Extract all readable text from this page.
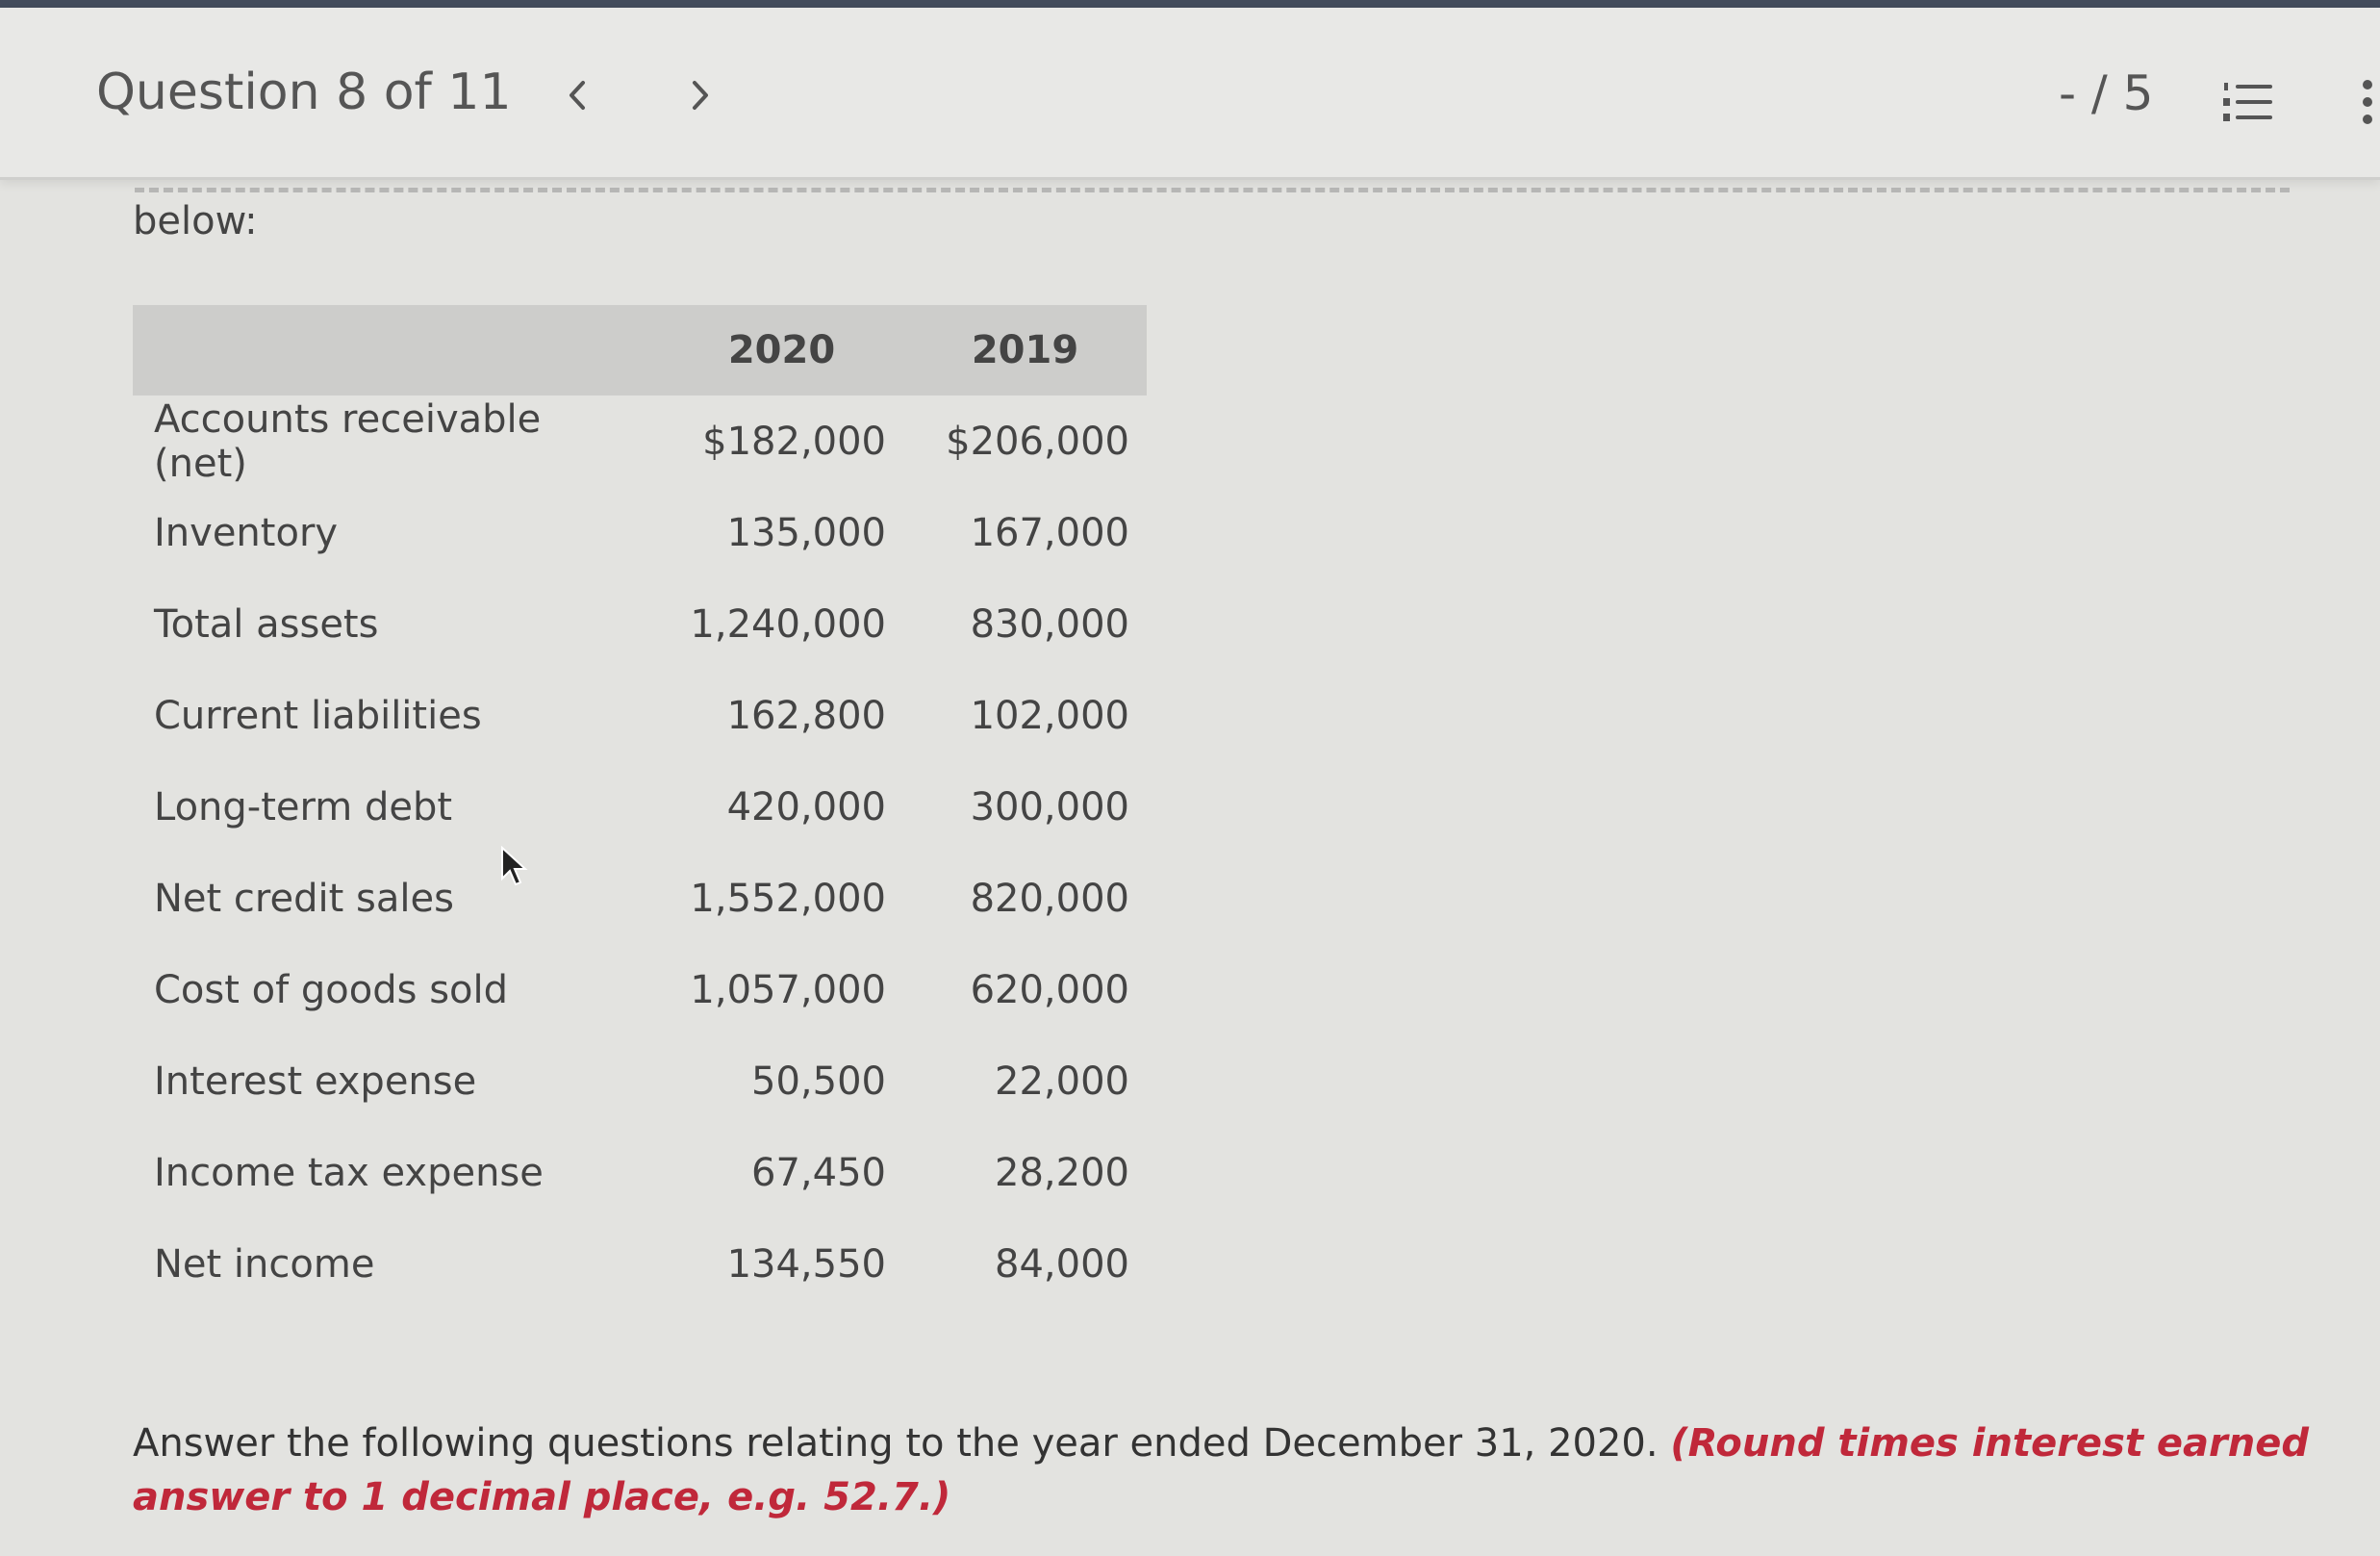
Question 8 of 11	- / 5
below:
	2020	2019
Accounts receivable (net)	$182,000	$206,000
Inventory	135,000	167,000
Total assets	1,240,000	830,000
Current liabilities	162,800	102,000
Long-term debt	420,000	300,000
Net credit sales	1,552,000	820,000
Cost of goods sold	1,057,000	620,000
Interest expense	50,500	22,000
Income tax expense	67,450	28,200
Net income	134,550	84,000
Answer the following questions relating to the year ended December 31, 2020. (Round times interest earned answer to 1 decimal place, e.g. 52.7.)
